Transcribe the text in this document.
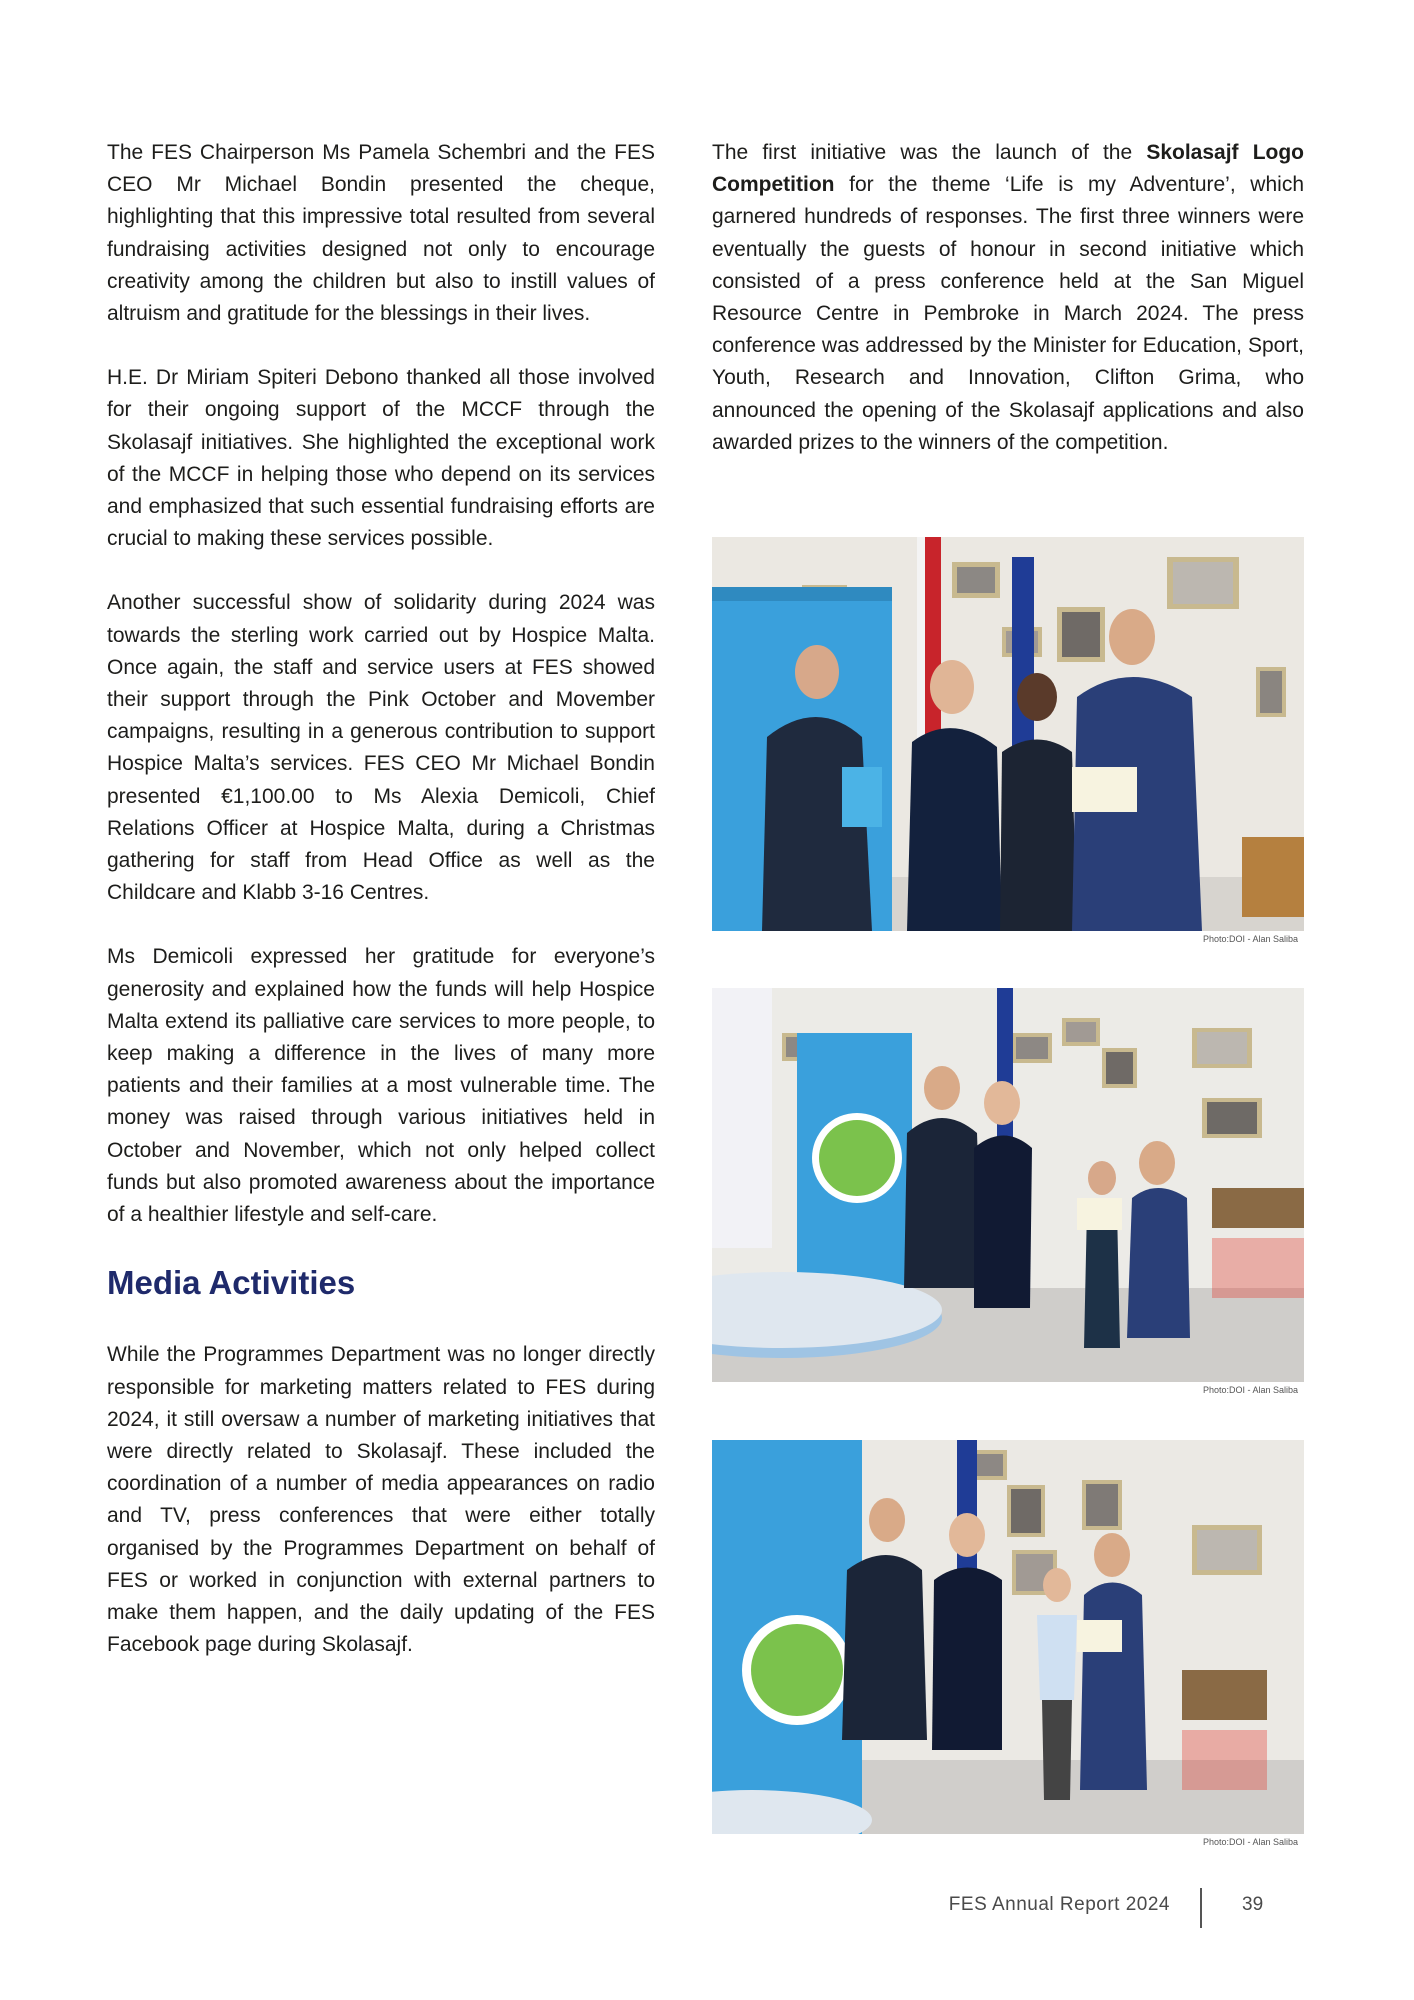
The FES Chairperson Ms Pamela Schembri and the FES CEO Mr Michael Bondin presented the cheque, highlighting that this impressive total resulted from several fundraising activities designed not only to encourage creativity among the children but also to instill values of altruism and gratitude for the blessings in their lives.

H.E. Dr Miriam Spiteri Debono thanked all those involved for their ongoing support of the MCCF through the Skolasajf initiatives. She highlighted the exceptional work of the MCCF in helping those who depend on its services and emphasized that such essential fundraising efforts are crucial to making these services possible.

Another successful show of solidarity during 2024 was towards the sterling work carried out by Hospice Malta. Once again, the staff and service users at FES showed their support through the Pink October and Movember campaigns, resulting in a generous contribution to support Hospice Malta’s services. FES CEO Mr Michael Bondin presented €1,100.00 to Ms Alexia Demicoli, Chief Relations Officer at Hospice Malta, during a Christmas gathering for staff from Head Office as well as the Childcare and Klabb 3-16 Centres.

Ms Demicoli expressed her gratitude for everyone’s generosity and explained how the funds will help Hospice Malta extend its palliative care services to more people, to keep making a difference in the lives of many more patients and their families at a most vulnerable time. The money was raised through various initiatives held in October and November, which not only helped collect funds but also promoted awareness about the importance of a healthier lifestyle and self-care.

Media Activities

While the Programmes Department was no longer directly responsible for marketing matters related to FES during 2024, it still oversaw a number of marketing initiatives that were directly related to Skolasajf. These included the coordination of a number of media appearances on radio and TV, press conferences that were either totally organised by the Programmes Department on behalf of FES or worked in conjunction with external partners to make them happen, and the daily updating of the FES Facebook page during Skolasajf.

The first initiative was the launch of the Skolasajf Logo Competition for the theme ‘Life is my Adventure’, which garnered hundreds of responses. The first three winners were eventually the guests of honour in second initiative which consisted of a press conference held at the San Miguel Resource Centre in Pembroke in March 2024. The press conference was addressed by the Minister for Education, Sport, Youth, Research and Innovation, Clifton Grima, who announced the opening of the Skolasajf applications and also awarded prizes to the winners of the competition.

Photo:DOI - Alan Saliba
Photo:DOI - Alan Saliba
Photo:DOI - Alan Saliba
FES Annual Report 2024	39
